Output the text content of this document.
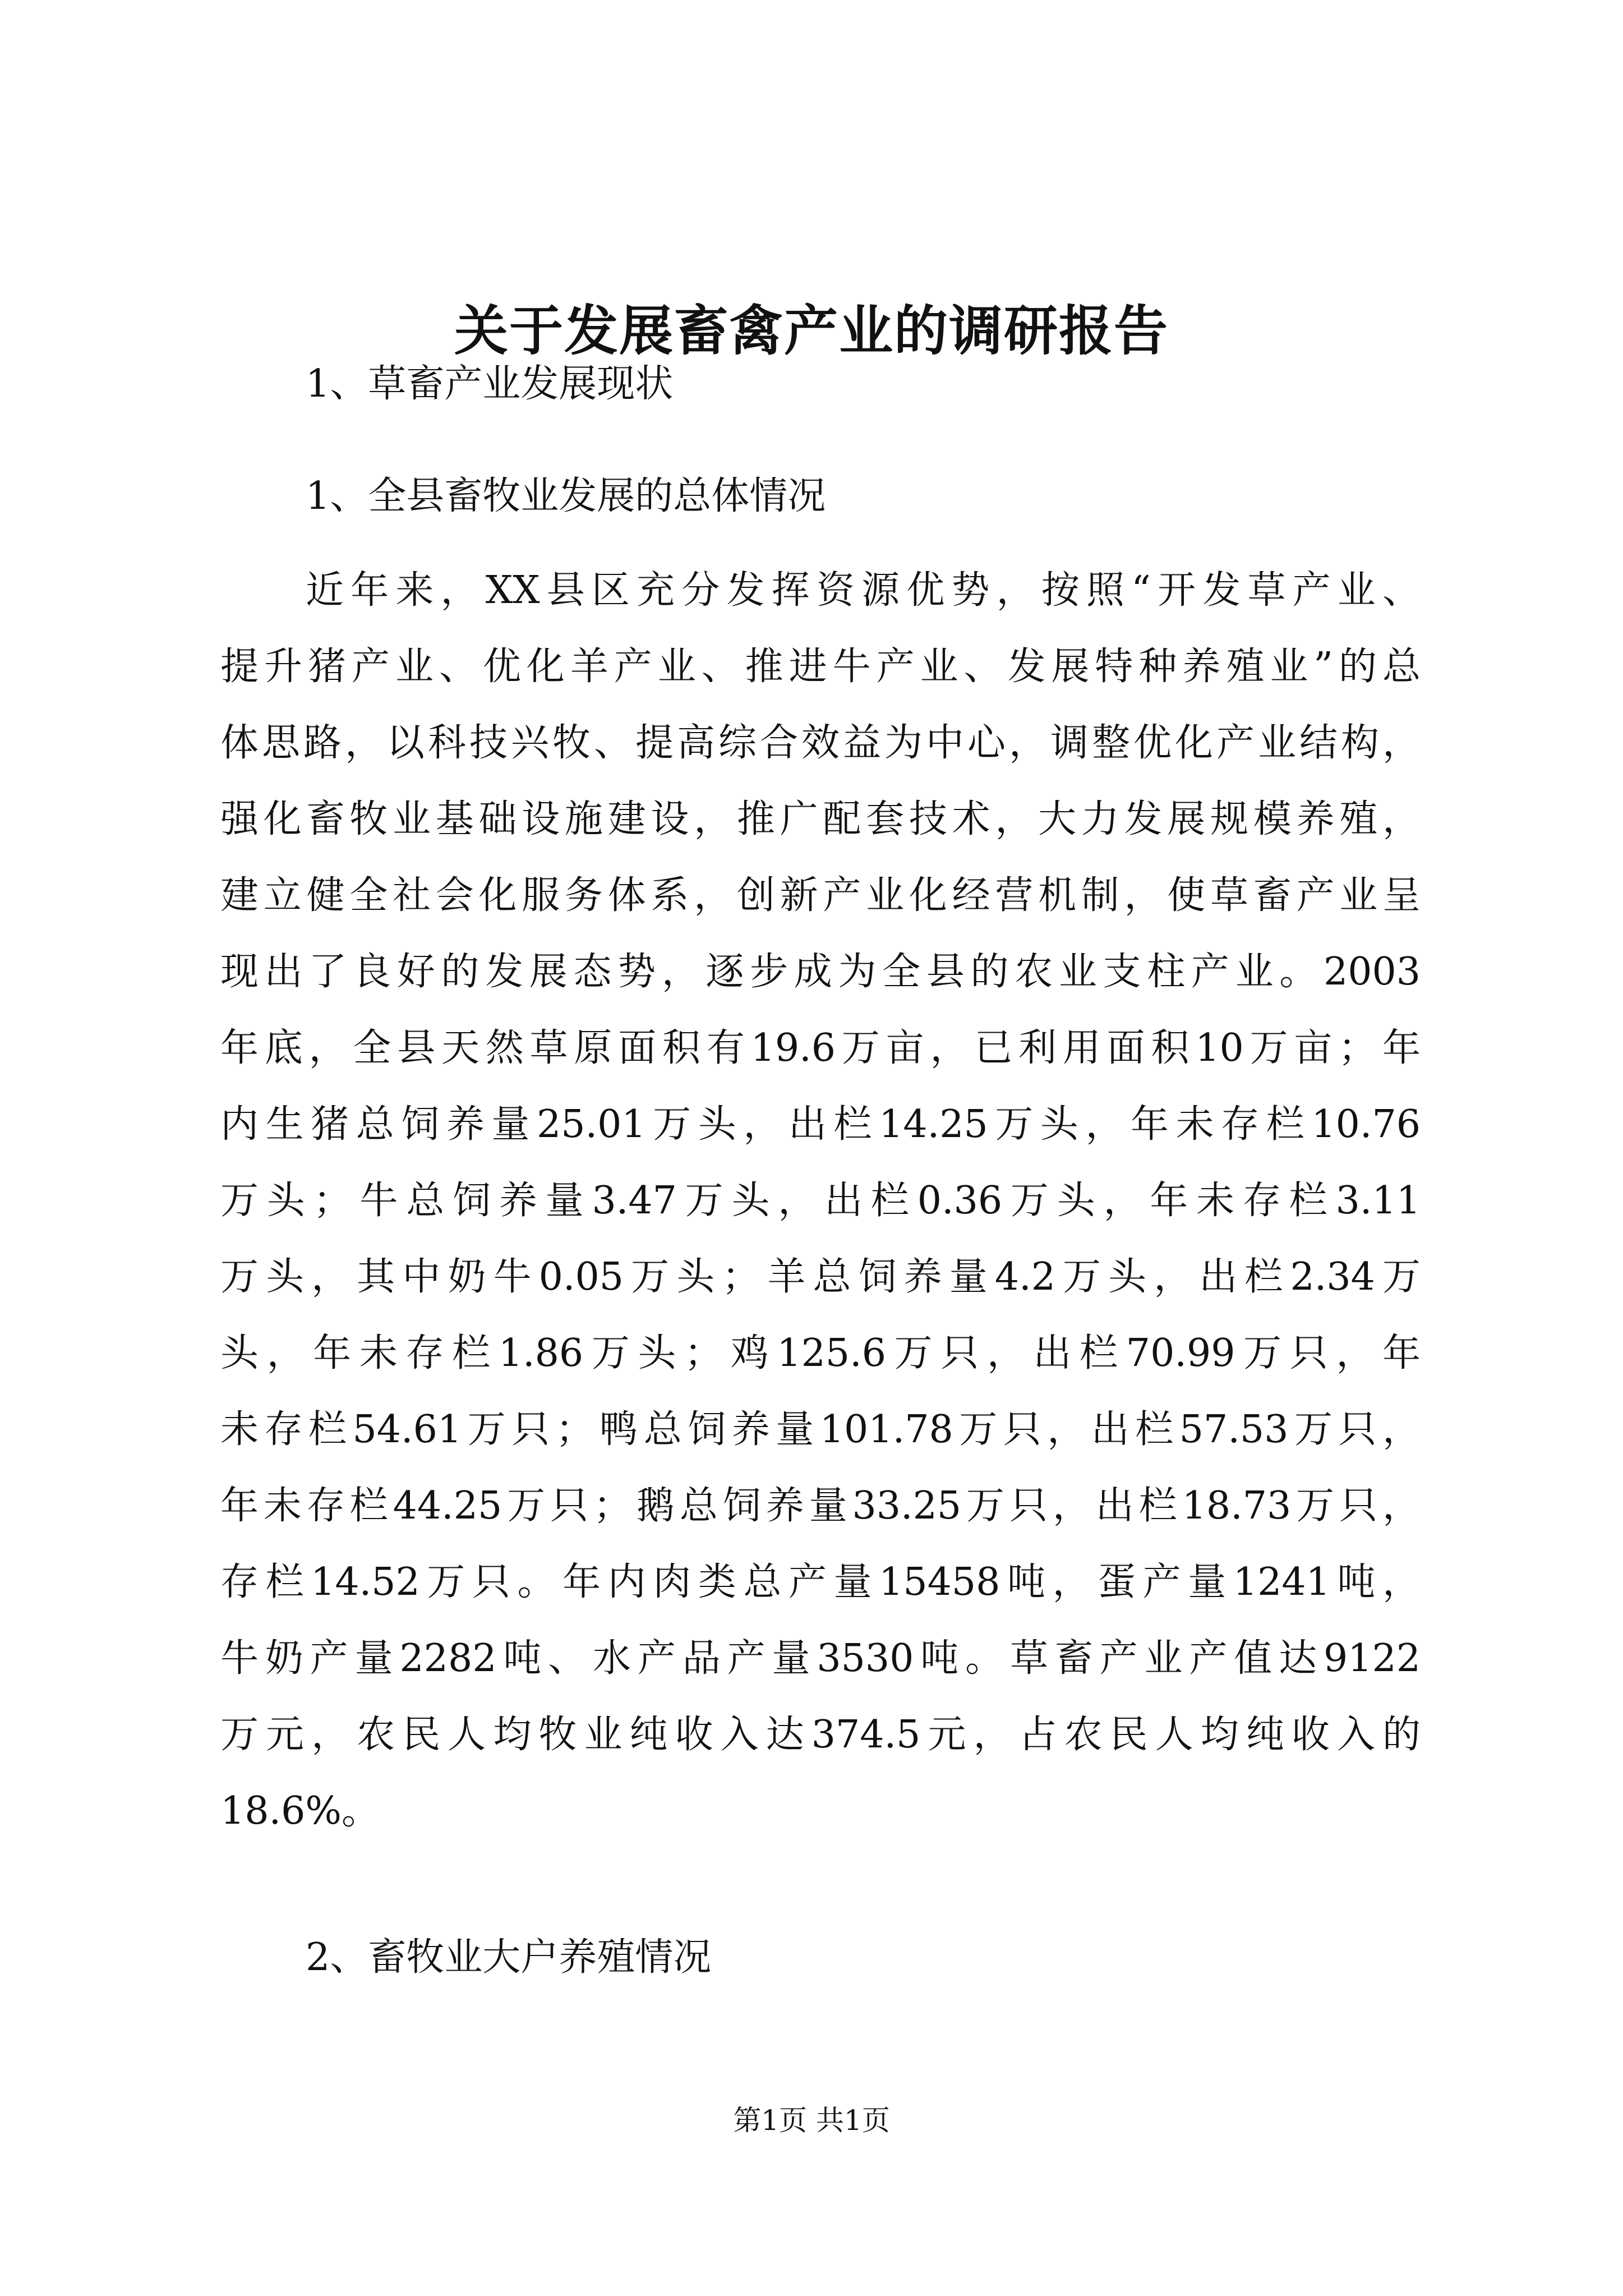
关于发展畜禽产业的调研报告

1、草畜产业发展现状

1、全县畜牧业发展的总体情况

近年来，XX县区充分发挥资源优势，按照“开发草产业、
提升猪产业、优化羊产业、推进牛产业、发展特种养殖业”的总
体思路，以科技兴牧、提高综合效益为中心，调整优化产业结构，
强化畜牧业基础设施建设，推广配套技术，大力发展规模养殖，
建立健全社会化服务体系，创新产业化经营机制，使草畜产业呈
现出了良好的发展态势，逐步成为全县的农业支柱产业。2003
年底，全县天然草原面积有19.6万亩，已利用面积10万亩；年
内生猪总饲养量25.01万头，出栏14.25万头，年未存栏10.76
万头；牛总饲养量3.47万头，出栏0.36万头，年未存栏3.11
万头，其中奶牛0.05万头；羊总饲养量4.2万头，出栏2.34万
头，年未存栏1.86万头；鸡125.6万只，出栏70.99万只，年
未存栏54.61万只；鸭总饲养量101.78万只，出栏57.53万只，
年未存栏44.25万只；鹅总饲养量33.25万只，出栏18.73万只，
存栏14.52万只。年内肉类总产量15458吨，蛋产量1241吨，
牛奶产量2282吨、水产品产量3530吨。草畜产业产值达9122
万元，农民人均牧业纯收入达374.5元，占农民人均纯收入的
18.6%。

2、畜牧业大户养殖情况

第1页 共1页
